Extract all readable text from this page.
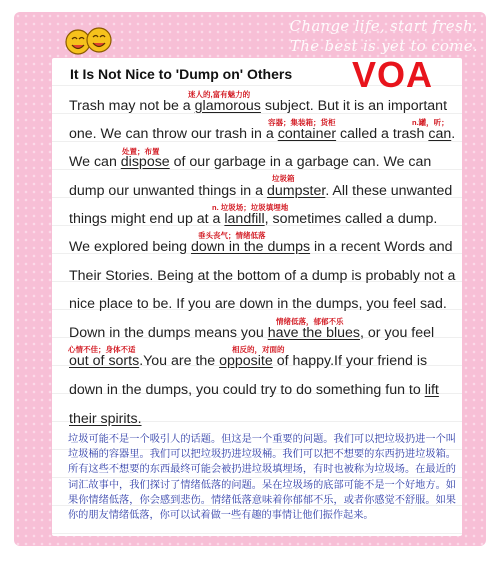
Change life, start fresh.
The best is yet to come.
It Is Not Nice to 'Dump on' Others VOA
Trash may not be a glamorous subject. But it is an important
one. We can throw our trash in a container called a trash can.
We can dispose of our garbage in a garbage can. We can
dump our unwanted things in a dumpster. All these unwanted
things might end up at a landfill, sometimes called a dump.
We explored being down in the dumps in a recent Words and
Their Stories. Being at the bottom of a dump is probably not a
nice place to be. If you are down in the dumps, you feel sad.
Down in the dumps means you have the blues, or you feel
out of sorts.You are the opposite of happy.If your friend is
down in the dumps, you could try to do something fun to lift
their spirits.
迷人的,富有魅力的
容器；集装箱；货柜	n.罐，听；
处置；布置
垃圾箱
n. 垃圾场；垃圾填埋地
垂头丧气；情绪低落
情绪低落，郁郁不乐
心情不佳；身体不适	相反的，对面的
垃圾可能不是一个吸引人的话题。但这是一个重要的问题。我们可以把垃圾扔进一个叫垃圾桶的容器里。我们可以把垃圾扔进垃圾桶。我们可以把不想要的东西扔进垃圾箱。所有这些不想要的东西最终可能会被扔进垃圾填埋场，有时也被称为垃圾场。在最近的词汇故事中，我们探讨了情绪低落的问题。呆在垃圾场的底部可能不是一个好地方。如果你情绪低落，你会感到悲伤。情绪低落意味着你郁郁不乐，或者你感觉不舒服。如果你的朋友情绪低落，你可以试着做一些有趣的事情让他们振作起来。
